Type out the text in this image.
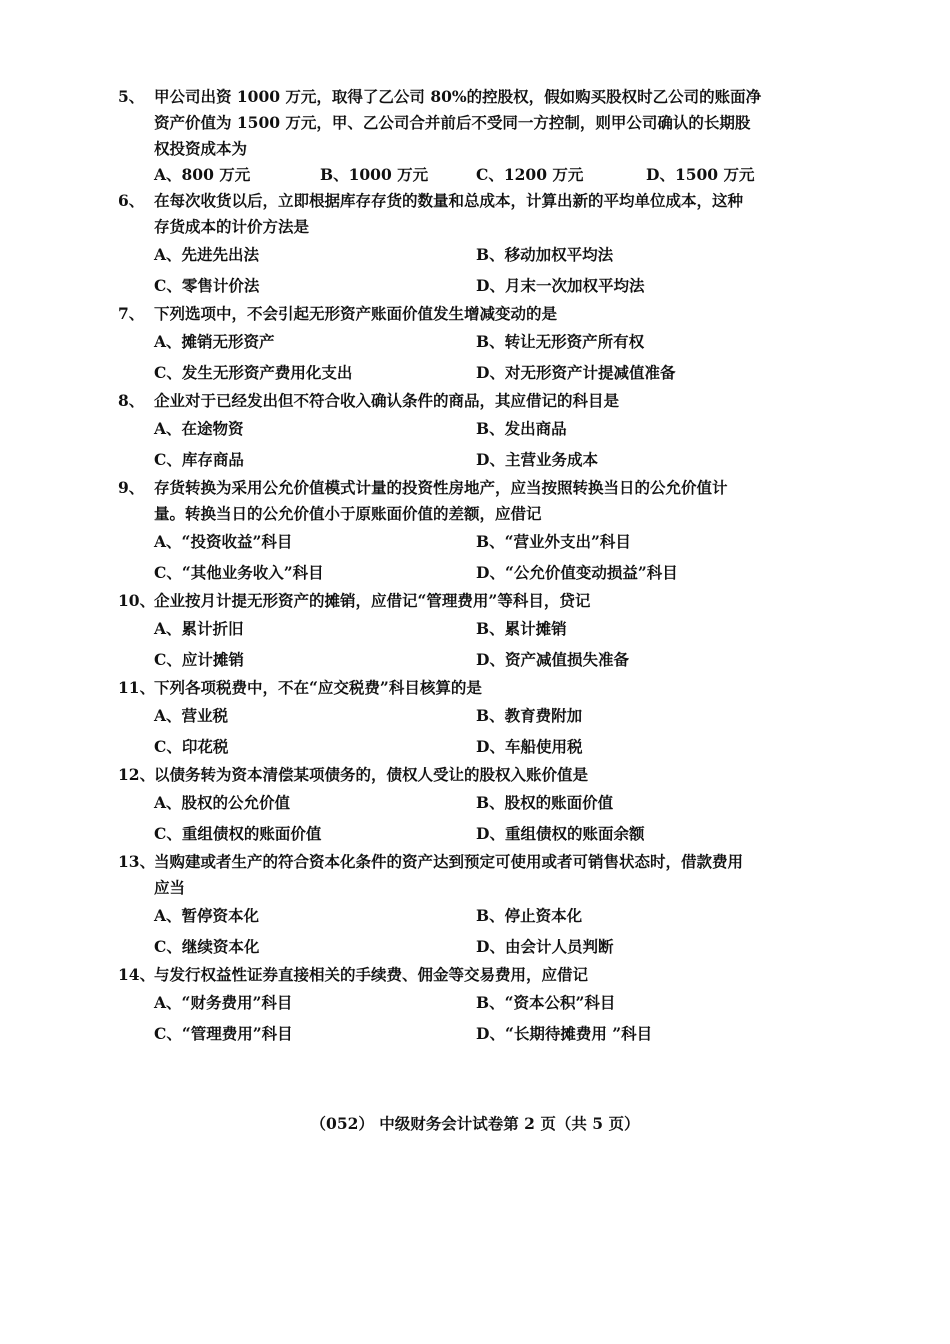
5、 甲公司出资 1000 万元，取得了乙公司 80%的控股权，假如购买股权时乙公司的账面净
资产价值为 1500 万元，甲、乙公司合并前后不受同一方控制，则甲公司确认的长期股
权投资成本为
A、800 万元	B、1000 万元	C、1200 万元	D、1500 万元
6、 在每次收货以后，立即根据库存存货的数量和总成本，计算出新的平均单位成本，这种
存货成本的计价方法是
A、先进先出法	B、移动加权平均法
C、零售计价法	D、月末一次加权平均法
7、 下列选项中，不会引起无形资产账面价值发生增减变动的是
A、摊销无形资产	B、转让无形资产所有权
C、发生无形资产费用化支出	D、对无形资产计提减值准备
8、 企业对于已经发出但不符合收入确认条件的商品，其应借记的科目是
A、在途物资	B、发出商品
C、库存商品	D、主营业务成本
9、 存货转换为采用公允价值模式计量的投资性房地产，应当按照转换当日的公允价值计
量。转换当日的公允价值小于原账面价值的差额，应借记
A、“投资收益”科目	B、“营业外支出”科目
C、“其他业务收入”科目	D、“公允价值变动损益”科目
10、
企业按月计提无形资产的摊销，应借记“管理费用”等科目，贷记
A、累计折旧	B、累计摊销
C、应计摊销	D、资产减值损失准备
11、
下列各项税费中，不在“应交税费”科目核算的是
A、营业税	B、教育费附加
C、印花税	D、车船使用税
12、
以债务转为资本清偿某项债务的，债权人受让的股权入账价值是
A、股权的公允价值	B、股权的账面价值
C、重组债权的账面价值	D、重组债权的账面余额
13、
当购建或者生产的符合资本化条件的资产达到预定可使用或者可销售状态时，借款费用
应当
A、暂停资本化	B、停止资本化
C、继续资本化	D、由会计人员判断
14、
与发行权益性证券直接相关的手续费、佣金等交易费用，应借记
A、“财务费用”科目	B、“资本公积”科目
C、“管理费用”科目	D、“长期待摊费用 ”科目
（052） 中级财务会计试卷第 2 页（共 5 页）
